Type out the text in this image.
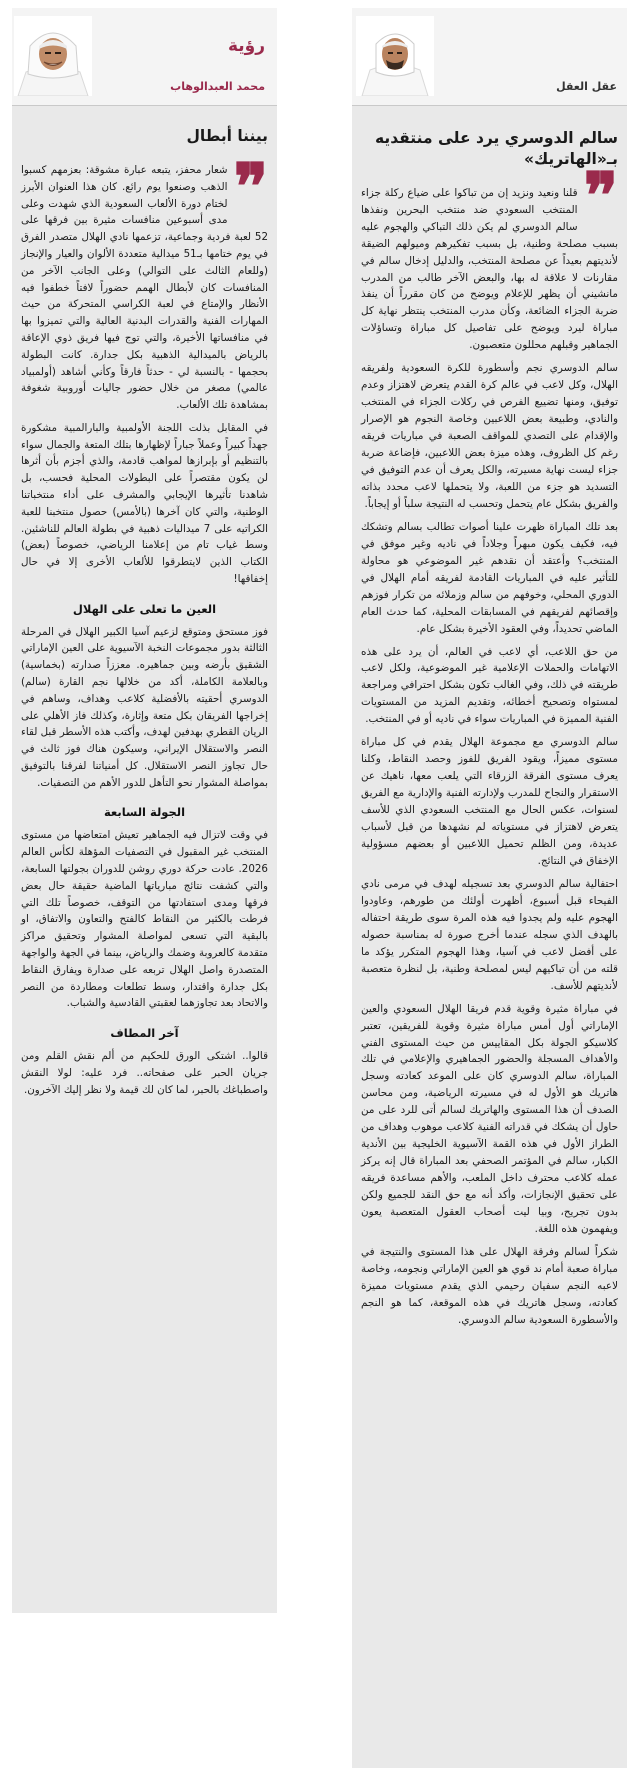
عقل العقل
سالم الدوسري يرد على منتقديه بـ«الهاتريك»
❞

قلنا ونعيد ونزيد إن من تباكوا على ضياع ركلة جزاء المنتخب السعودي ضد منتخب البحرين ونفذها سالم الدوسري لم يكن ذلك التباكي والهجوم عليه بسبب مصلحة وطنية، بل بسبب تفكيرهم وميولهم الضيقة لأنديتهم بعيداً عن مصلحة المنتخب، والدليل إدخال سالم في مقارنات لا علاقة له بها، والبعض الآخر طالب من المدرب مانشيني أن يظهر للإعلام ويوضح من كان مقرراً أن ينفذ ضربة الجزاء الضائعة، وكأن مدرب المنتخب ينتظر نهاية كل مباراة ليرد ويوضح على تفاصيل كل مباراة وتساؤلات الجماهير وقبلهم محللون متعصبون.

سالم الدوسري نجم وأسطورة للكرة السعودية ولفريقه الهلال، وكل لاعب في عالم كرة القدم يتعرض لاهتزاز وعدم توفيق، ومنها تضييع الفرص في ركلات الجزاء في المنتخب والنادي، وطبيعة بعض اللاعبين وخاصة النجوم هو الإصرار والإقدام على التصدي للمواقف الصعبة في مباريات فريقه رغم كل الظروف، وهذه ميزة بعض اللاعبين، فإضاعة ضربة جزاء ليست نهاية مسيرته، والكل يعرف أن عدم التوفيق في التسديد هو جزء من اللعبة، ولا يتحملها لاعب محدد بذاته والفريق بشكل عام يتحمل وتحسب له النتيجة سلباً أو إيجاباً.

بعد تلك المباراة ظهرت علينا أصوات تطالب بسالم وتشكك فيه، فكيف يكون مبهراً وجلاداً في ناديه وغير موفق في المنتخب؟ وأعتقد أن نقدهم غير الموضوعي هو محاولة للتأثير عليه في المباريات القادمة لفريقه أمام الهلال في الدوري المحلي، وخوفهم من سالم وزملائه من تكرار فوزهم وإقصائهم لفريقهم في المسابقات المحلية، كما حدث العام الماضي تحديداً، وفي العقود الأخيرة بشكل عام.

من حق اللاعب، أي لاعب في العالم، أن يرد على هذه الاتهامات والحملات الإعلامية غير الموضوعية، ولكل لاعب طريقته في ذلك، وفي الغالب تكون بشكل احترافي ومراجعة لمستواه وتصحيح أخطائه، وتقديم المزيد من المستويات الفنية المميزة في المباريات سواء في ناديه أو في المنتخب.

سالم الدوسري مع مجموعة الهلال يقدم في كل مباراة مستوى مميزاً، ويقود الفريق للفوز وحصد النقاط، وكلنا يعرف مستوى الفرقة الزرقاء التي يلعب معها، ناهيك عن الاستقرار والنجاح للمدرب ولإدارته الفنية والإدارية مع الفريق لسنوات، عكس الحال مع المنتخب السعودي الذي للأسف يتعرض لاهتزاز في مستوياته لم نشهدها من قبل لأسباب عديدة، ومن الظلم تحميل اللاعبين أو بعضهم مسؤولية الإخفاق في النتائج.

احتفالية سالم الدوسري بعد تسجيله لهدف في مرمى نادي الفيحاء قبل أسبوع، أظهرت أولئك من طورهم، وعاودوا الهجوم عليه ولم يجدوا فيه هذه المرة سوى طريقة احتفاله بالهدف الذي سجله عندما أخرج صورة له بمناسبة حصوله على أفضل لاعب في آسيا، وهذا الهجوم المتكرر يؤكد ما قلته من أن تباكيهم ليس لمصلحة وطنية، بل لنظرة متعصبة لأنديتهم للأسف.

في مباراة مثيرة وقوية قدم فريقا الهلال السعودي والعين الإماراتي أول أمس مباراة مثيرة وقوية للفريقين، تعتبر كلاسيكو الجولة بكل المقاييس من حيث المستوى الفني والأهداف المسجلة والحضور الجماهيري والإعلامي في تلك المباراة، سالم الدوسري كان على الموعد كعادته وسجل هاتريك هو الأول له في مسيرته الرياضية، ومن محاسن الصدف أن هذا المستوى والهاتريك لسالم أتى للرد على من حاول أن يشكك في قدراته الفنية كلاعب موهوب وهداف من الطراز الأول في هذه القمة الآسيوية الخليجية بين الأندية الكبار، سالم في المؤتمر الصحفي بعد المباراة قال إنه يركز عمله كلاعب محترف داخل الملعب، والأهم مساعدة فريقه على تحقيق الإنجازات، وأكد أنه مع حق النقد للجميع ولكن بدون تجريح، وبيا ليت أصحاب العقول المتعصبة يعون ويفهمون هذه اللغة.

شكراً لسالم وفرقة الهلال على هذا المستوى والنتيجة في مباراة صعبة أمام ند قوي هو العين الإماراتي ونجومه، وخاصة لاعبه النجم سفيان رحيمي الذي يقدم مستويات مميزة كعادته، وسجل هاتريك في هذه الموقعة، كما هو النجم والأسطورة السعودية سالم الدوسري.

رؤية
محمد العبدالوهاب
بيننا أبطال
❞

شعار محفز، يتبعه عبارة مشوقة: بعزمهم كسبوا الذهب وصنعوا يوم رائع. كان هذا العنوان الأبرز لختام دورة الألعاب السعودية الذي شهدت وعلى مدى أسبوعين منافسات مثيرة بين فرقها على 52 لعبة فردية وجماعية، تزعمها نادي الهلال متصدر الفرق في يوم ختامها بـ51 ميدالية متعددة الألوان والعيار والإنجاز (وللعام الثالث على التوالي) وعلى الجانب الآخر من المنافسات كان لأبطال الهمم حضوراً لافتاً خطفوا فيه الأنظار والإمتاع في لعبة الكراسي المتحركة من حيث المهارات الفنية والقدرات البدنية العالية والتي تميزوا بها في منافساتها الأخيرة، والتي توج فيها فريق ذوي الإعاقة بالرياض بالميدالية الذهبية بكل جدارة. كانت البطولة بحجمها - بالنسبة لي - حدثاً فارقاً وكأني أشاهد (أولمبياد عالمي) مصغر من خلال حضور جاليات أوروبية شغوفة بمشاهدة تلك الألعاب.

في المقابل بذلت اللجنة الأولمبية والبارالمبية مشكورة جهداً كبيراً وعملاً جباراً لإظهارها بتلك المتعة والجمال سواء بالتنظيم أو بإبرازها لمواهب قادمة، والذي أجزم بأن أثرها لن يكون مقتصراً على البطولات المحلية فحسب، بل شاهدنا تأثيرها الإيجابي والمشرف على أداء منتخباتنا الوطنية، والتي كان آخرها (بالأمس) حصول منتخبنا للعبة الكراتيه على 7 ميداليات ذهبية في بطولة العالم للناشئين. وسط غياب تام من إعلامنا الرياضي، خصوصاً (بعض) الكتاب الذين لايتطرقوا للألعاب الأخرى إلا في حال إخفاقها!

العين ما تعلى على الهلال

فوز مستحق ومتوقع لزعيم آسيا الكبير الهلال في المرحلة الثالثة بدور مجموعات النخبة الآسيوية على العين الإماراتي الشقيق بأرضه وبين جماهيره. معززاً صدارته (بخماسية) وبالعلامة الكاملة، أكد من خلالها نجم القارة (سالم) الدوسري أحقيته بالأفضلية كلاعب وهداف، وساهم في إخراجها الفريقان بكل متعة وإثارة، وكذلك فاز الأهلي على الريان القطري بهدفين لهدف، وأكتب هذه الأسطر قبل لقاء النصر والاستقلال الإيراني، وسيكون هناك فوز ثالث في حال تجاوز النصر الاستقلال. كل أمنياتنا لفرقنا بالتوفيق بمواصلة المشوار نحو التأهل للدور الأهم من التصفيات.

الجولة السابعة

في وقت لاتزال فيه الجماهير تعيش امتعاضها من مستوى المنتخب غير المقبول في التصفيات المؤهلة لكأس العالم 2026. عادت حركة دوري روشن للدوران بجولتها السابعة، والتي كشفت نتائج مبارياتها الماضية حقيقة حال بعض فرقها ومدى استفادتها من التوقف، خصوصاً تلك التي فرطت بالكثير من النقاط كالفتح والتعاون والاتفاق، او بالبقية التي تسعى لمواصلة المشوار وتحقيق مراكز متقدمة كالعروبة وضمك والرياض، بينما في الجهة والواجهة المتصدرة واصل الهلال تربعه على صدارة ويفارق النقاط بكل جدارة واقتدار، وسط تطلعات ومطاردة من النصر والاتحاد بعد تجاوزهما لعقبتي القادسية والشباب.

آخر المطاف

قالوا.. اشتكى الورق للحكيم من ألم نقش القلم ومن جريان الحبر على صفحاته.. فرد عليه: لولا النقش واصطباغك بالحبر، لما كان لك قيمة ولا نظر إليك الآخرون.
